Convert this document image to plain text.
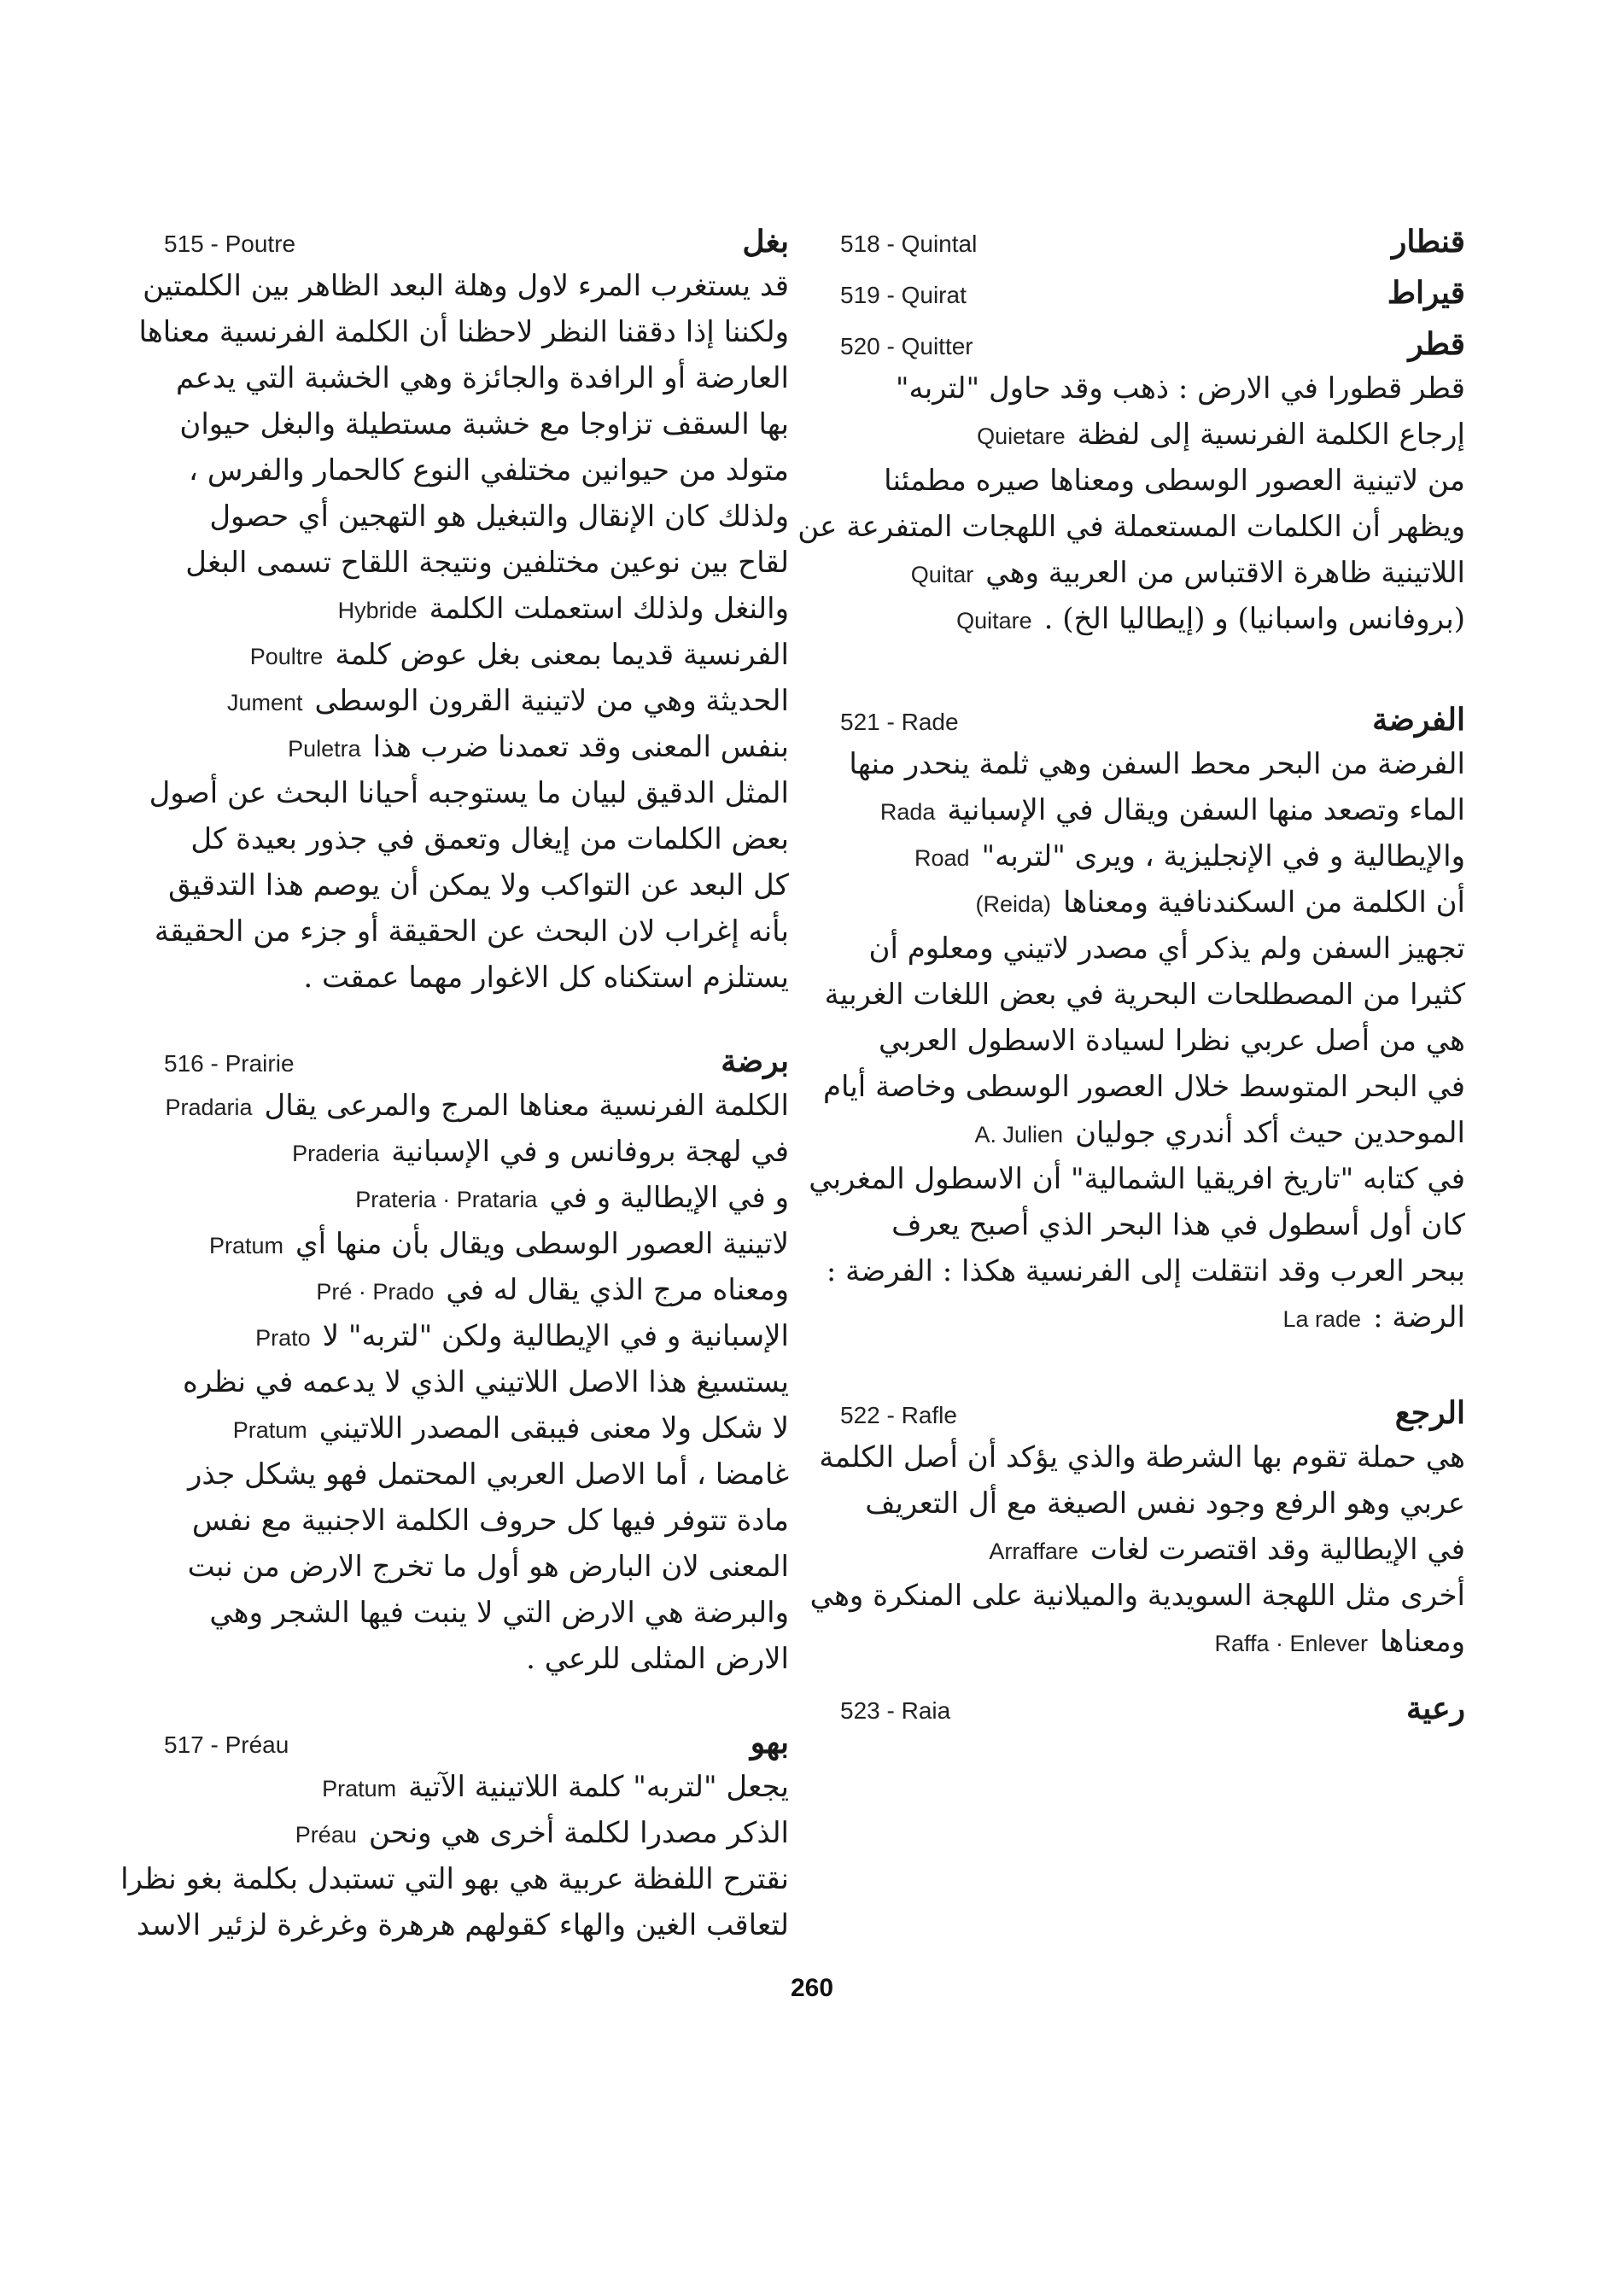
515 - Poutre	بغل
قد يستغرب المرء لاول وهلة البعد الظاهر بين الكلمتين
ولكننا إذا دققنا النظر لاحظنا أن الكلمة الفرنسية معناها
العارضة أو الرافدة والجائزة وهي الخشبة التي يدعم
بها السقف تزاوجا مع خشبة مستطيلة والبغل حيوان
متولد من حيوانين مختلفي النوع كالحمار والفرس ،
ولذلك كان الإنقال والتبغيل هو التهجين أي حصول
لقاح بين نوعين مختلفين ونتيجة اللقاح تسمى البغل
والنغل ولذلك استعملت الكلمةHybride
الفرنسية قديما بمعنى بغل عوض كلمةPoultre
الحديثة وهي من لاتينية القرون الوسطىJument
بنفس المعنى وقد تعمدنا ضرب هذاPuletra
المثل الدقيق لبيان ما يستوجبه أحيانا البحث عن أصول
بعض الكلمات من إيغال وتعمق في جذور بعيدة كل
كل البعد عن التواكب ولا يمكن أن يوصم هذا التدقيق
بأنه إغراب لان البحث عن الحقيقة أو جزء من الحقيقة
يستلزم استكناه كل الاغوار مهما عمقت .
516 - Prairie	برضة
الكلمة الفرنسية معناها المرج والمرعى يقالPradaria
في لهجة بروفانس و في الإسبانيةPraderia
و في الإيطالية و فيPrateria · Prataria
لاتينية العصور الوسطى ويقال بأن منها أيPratum
ومعناه مرج الذي يقال له فيPré · Prado
الإسبانية و في الإيطالية ولكن "لتربه" لاPrato
يستسيغ هذا الاصل اللاتيني الذي لا يدعمه في نظره
لا شكل ولا معنى فيبقى المصدر اللاتينيPratum
غامضا ، أما الاصل العربي المحتمل فهو يشكل جذر
مادة تتوفر فيها كل حروف الكلمة الاجنبية مع نفس
المعنى لان البارض هو أول ما تخرج الارض من نبت
والبرضة هي الارض التي لا ينبت فيها الشجر وهي
الارض المثلى للرعي .
517 - Préau	بهو
يجعل "لتربه" كلمة اللاتينية الآتيةPratum
الذكر مصدرا لكلمة أخرى هي ونحنPréau
نقترح اللفظة عربية هي بهو التي تستبدل بكلمة بغو نظرا
لتعاقب الغين والهاء كقولهم هرهرة وغرغرة لزئير الاسد
518 - Quintal	قنطار
519 - Quirat	قيراط
520 - Quitter	قطر
قطر قطورا في الارض : ذهب وقد حاول "لتربه"
إرجاع الكلمة الفرنسية إلى لفظةQuietare
من لاتينية العصور الوسطى ومعناها صيره مطمئنا
ويظهر أن الكلمات المستعملة في اللهجات المتفرعة عن
اللاتينية ظاهرة الاقتباس من العربية وهيQuitar
(بروفانس واسبانيا) و (إيطاليا الخ) .Quitare
521 - Rade	الفرضة
الفرضة من البحر محط السفن وهي ثلمة ينحدر منها
الماء وتصعد منها السفن ويقال في الإسبانيةRada
والإيطالية و في الإنجليزية ، ويرى "لتربه"Road
أن الكلمة من السكندنافية ومعناها(Reida)
تجهيز السفن ولم يذكر أي مصدر لاتيني ومعلوم أن
كثيرا من المصطلحات البحرية في بعض اللغات الغربية
هي من أصل عربي نظرا لسيادة الاسطول العربي
في البحر المتوسط خلال العصور الوسطى وخاصة أيام
الموحدين حيث أكد أندري جوليانA. Julien
في كتابه "تاريخ افريقيا الشمالية" أن الاسطول المغربي
كان أول أسطول في هذا البحر الذي أصبح يعرف
ببحر العرب وقد انتقلت إلى الفرنسية هكذا : الفرضة :
الرضة :La rade
522 - Rafle	الرجع
هي حملة تقوم بها الشرطة والذي يؤكد أن أصل الكلمة
عربي وهو الرفع وجود نفس الصيغة مع أل التعريف
في الإيطالية وقد اقتصرت لغاتArraffare
أخرى مثل اللهجة السويدية والميلانية على المنكرة وهي
ومعناهاRaffa · Enlever
523 - Raia	رعية
260
